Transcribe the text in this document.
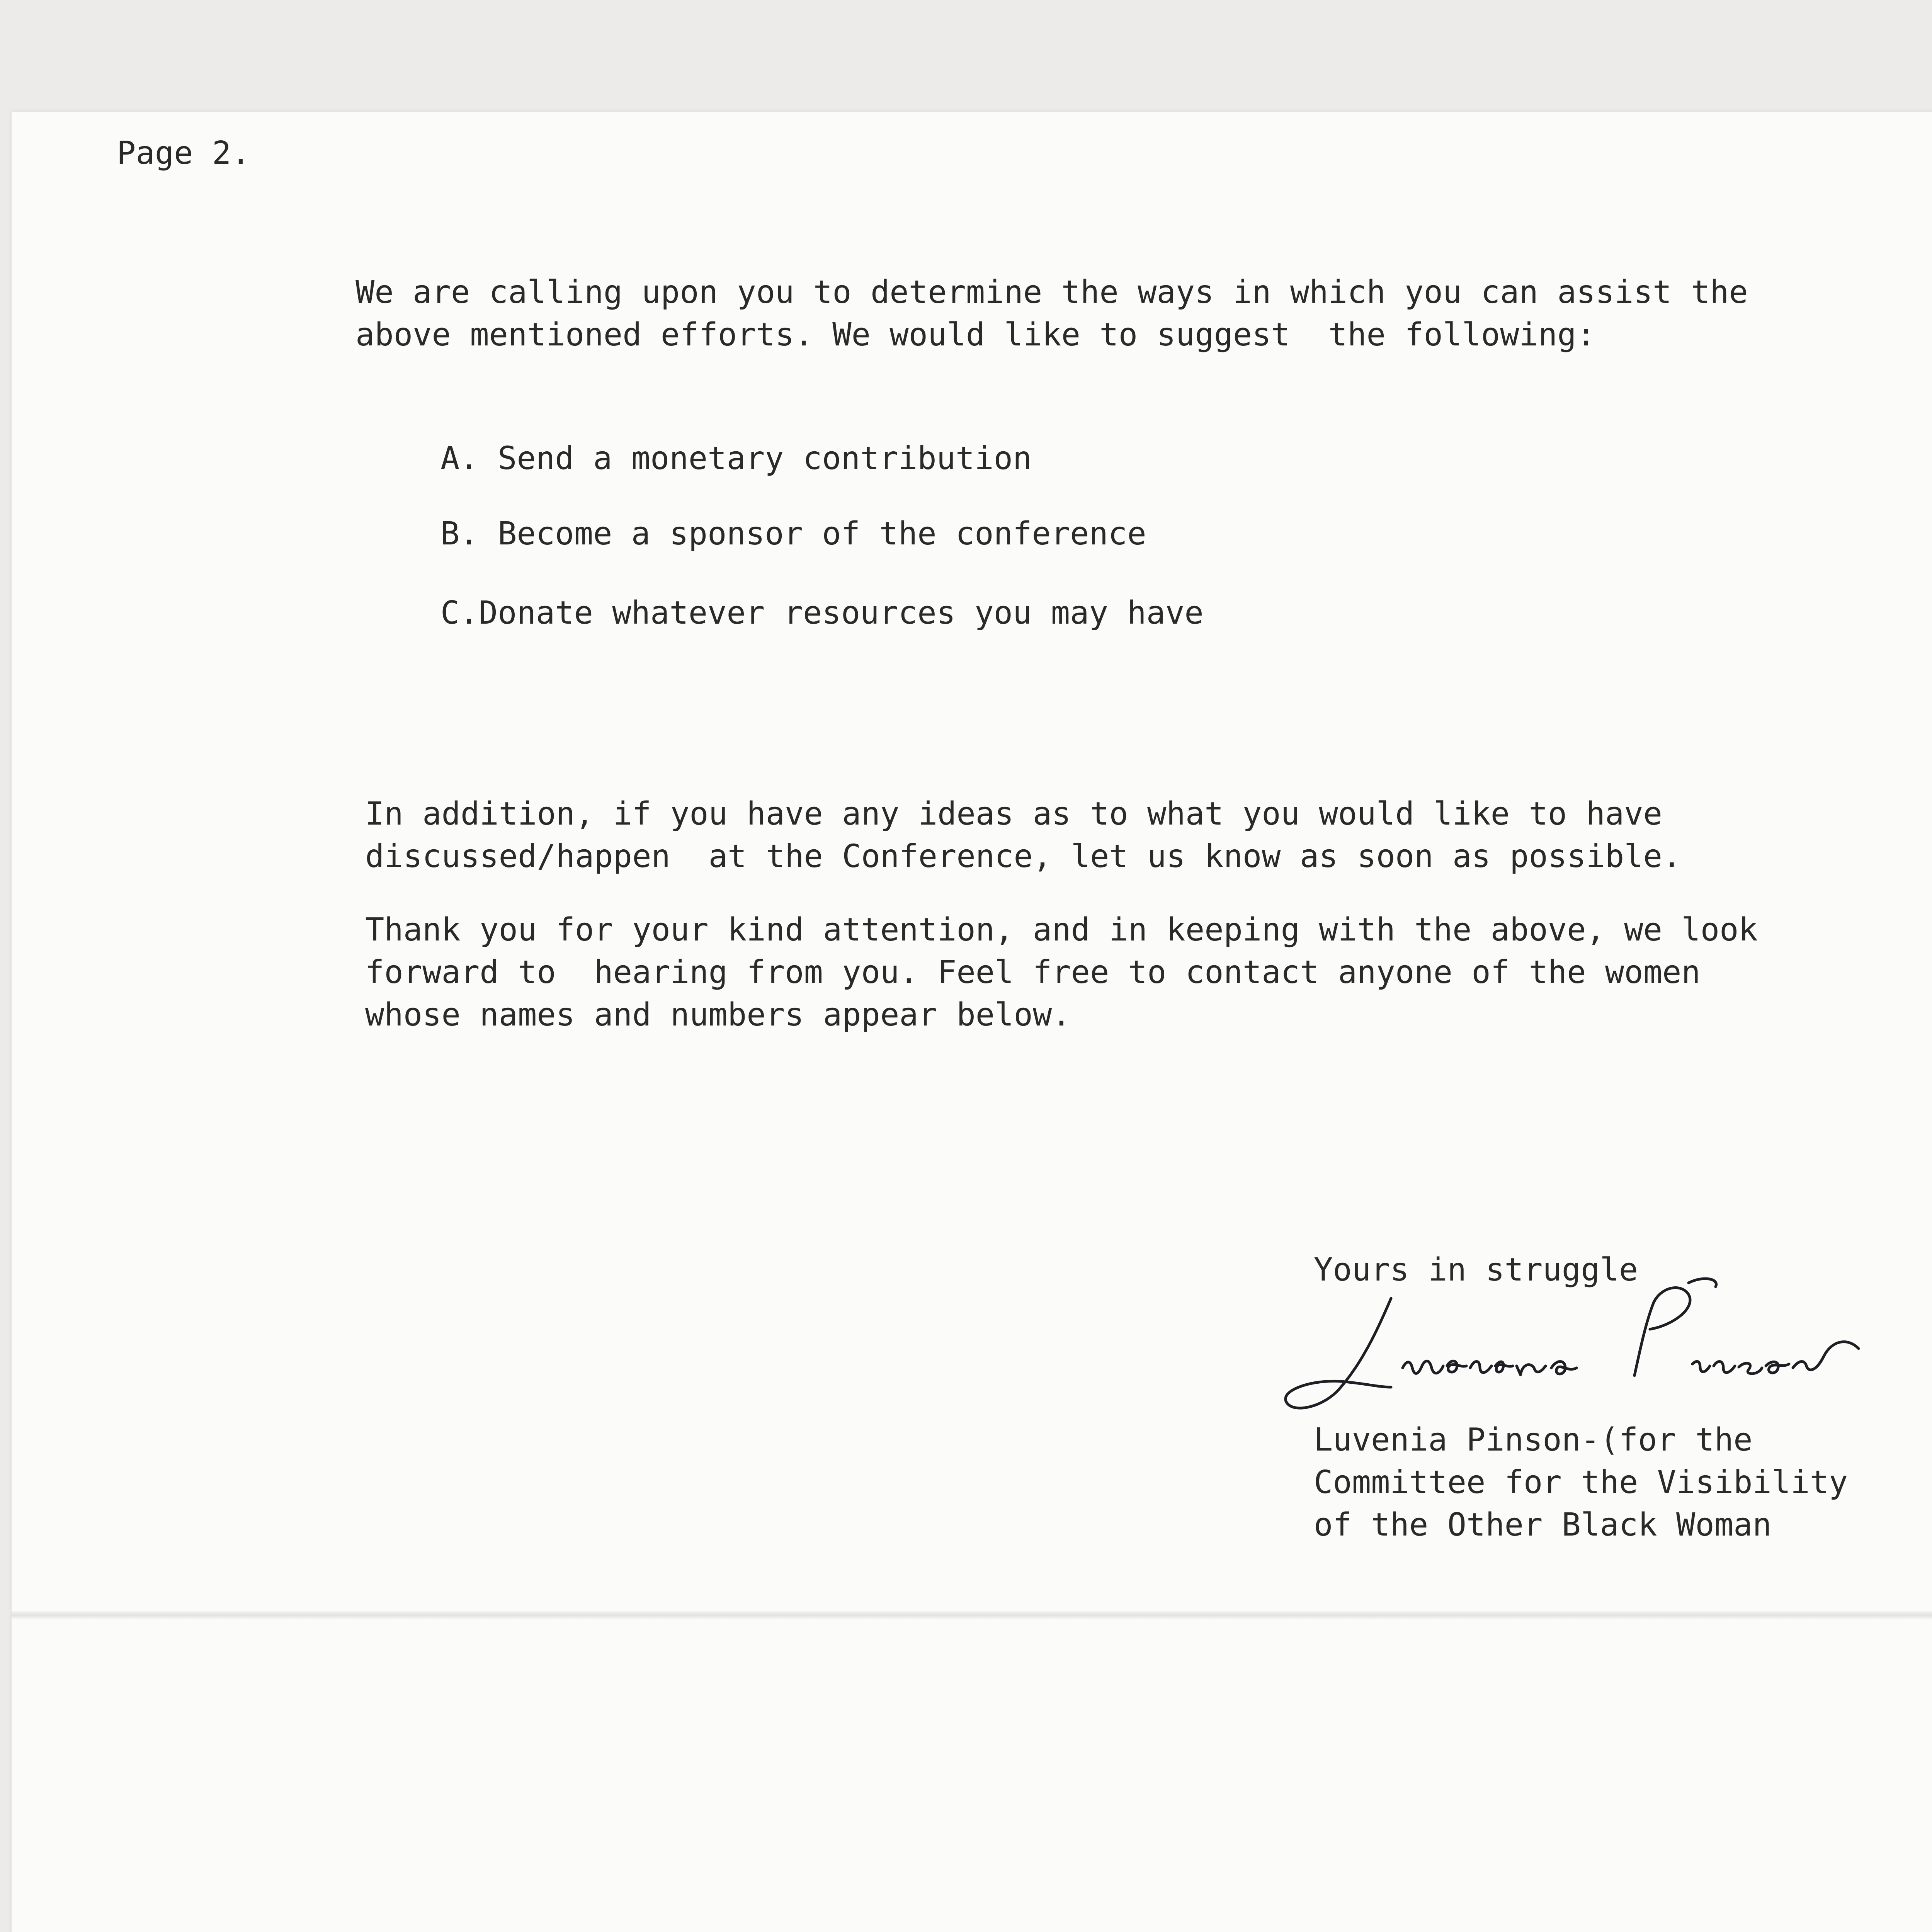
Page 2.

We are calling upon you to determine the ways in which you can assist the

above mentioned efforts. We would like to suggest  the following:

A. Send a monetary contribution

B. Become a sponsor of the conference

C.Donate whatever resources you may have

In addition, if you have any ideas as to what you would like to have

discussed/happen  at the Conference, let us know as soon as possible.

Thank you for your kind attention, and in keeping with the above, we look

forward to  hearing from you. Feel free to contact anyone of the women

whose names and numbers appear below.

Yours in struggle

Luvenia Pinson-(for the

Committee for the Visibility

of the Other Black Woman
